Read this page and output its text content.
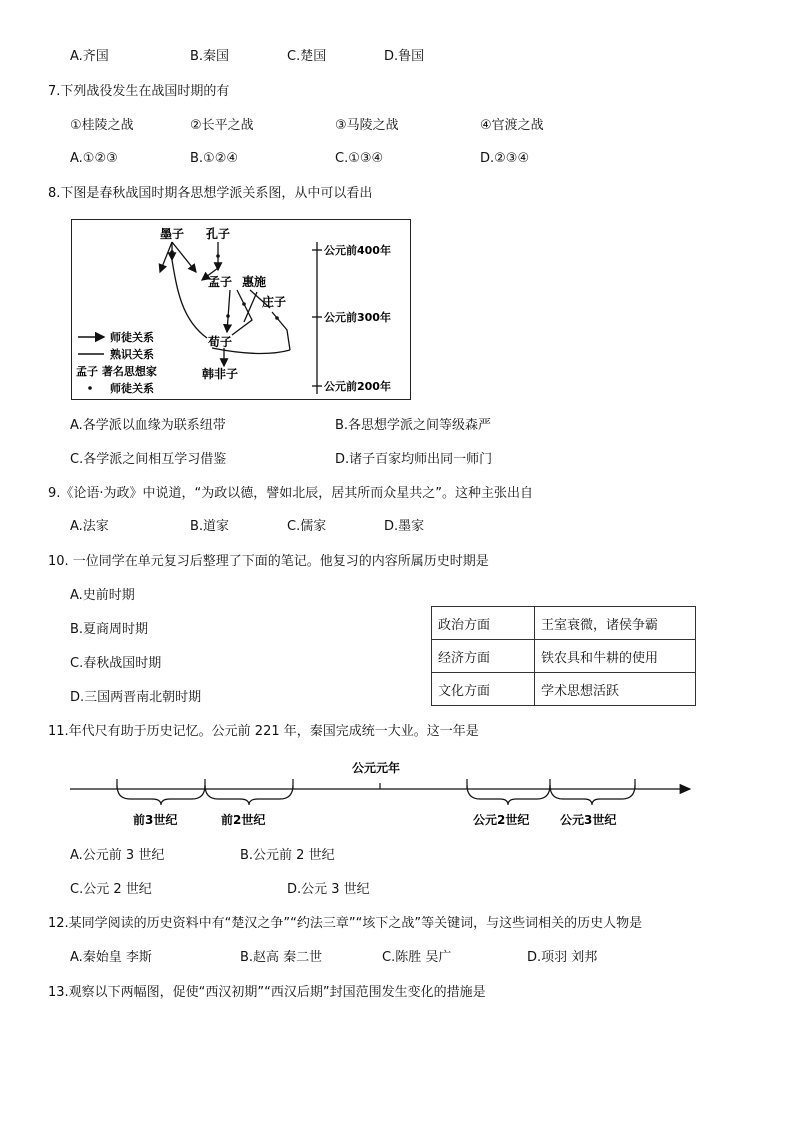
A.齐国	B.秦国	C.楚国	D.鲁国
7.下列战役发生在战国时期的有
①桂陵之战	②长平之战	③马陵之战	④官渡之战
A.①②③	B.①②④	C.①③④	D.②③④
8.下图是春秋战国时期各思想学派关系图，从中可以看出
墨子 孔子
孟子 惠施
庄子
荀子
韩非子
师徒关系
熟识关系
孟子 著名思想家
师徒关系
公元前400年
公元前300年
公元前200年
A.各学派以血缘为联系纽带	B.各思想学派之间等级森严
C.各学派之间相互学习借鉴	D.诸子百家均师出同一师门
9.《论语·为政》中说道，“为政以德，譬如北辰，居其所而众星共之”。这种主张出自
A.法家	B.道家	C.儒家	D.墨家
10. 一位同学在单元复习后整理了下面的笔记。他复习的内容所属历史时期是
A.史前时期
B.夏商周时期
C.春秋战国时期
D.三国两晋南北朝时期
政治方面	王室衰微，诸侯争霸
经济方面	铁农具和牛耕的使用
文化方面	学术思想活跃
11.年代尺有助于历史记忆。公元前 221 年，秦国完成统一大业。这一年是
公元元年
前3世纪	前2世纪	公元2世纪	公元3世纪
A.公元前 3 世纪	B.公元前 2 世纪
C.公元 2 世纪	D.公元 3 世纪
12.某同学阅读的历史资料中有“楚汉之争”“约法三章”“垓下之战”等关键词，与这些词相关的历史人物是
A.秦始皇 李斯	B.赵高 秦二世	C.陈胜 吴广	D.项羽 刘邦
13.观察以下两幅图，促使“西汉初期”“西汉后期”封国范围发生变化的措施是
